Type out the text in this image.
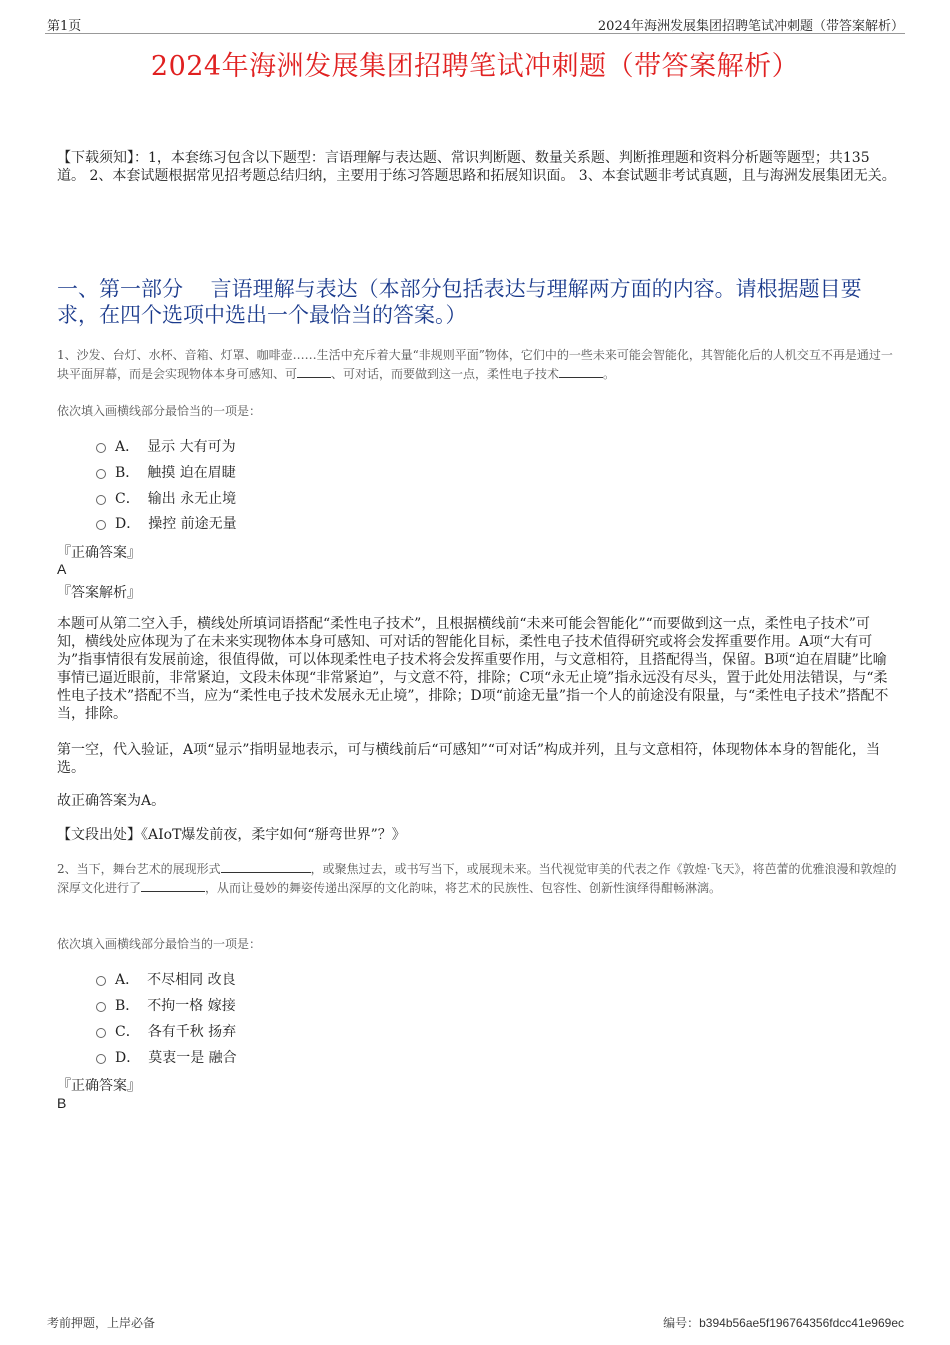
第1页	2024年海洲发展集团招聘笔试冲刺题（带答案解析）
2024年海洲发展集团招聘笔试冲刺题（带答案解析）
【下载须知】：1，本套练习包含以下题型：言语理解与表达题、常识判断题、数量关系题、判断推理题和资料分析题等题型；共135道。 2、本套试题根据常见招考题总结归纳，主要用于练习答题思路和拓展知识面。 3、本套试题非考试真题，且与海洲发展集团无关。
一、第一部分　 言语理解与表达（本部分包括表达与理解两方面的内容。请根据题目要求，在四个选项中选出一个最恰当的答案。）
1、沙发、台灯、水杯、音箱、灯罩、咖啡壶……生活中充斥着大量“非规则平面”物体，它们中的一些未来可能会智能化，其智能化后的人机交互不再是通过一块平面屏幕，而是会实现物体本身可感知、可	、可对话，而要做到这一点，柔性电子技术	。
依次填入画横线部分最恰当的一项是：
A． 显示 大有可为
B． 触摸 迫在眉睫
C． 输出 永无止境
D． 操控 前途无量
『正确答案』
A
『答案解析』
本题可从第二空入手，横线处所填词语搭配“柔性电子技术”，且根据横线前“未来可能会智能化”“而要做到这一点，柔性电子技术”可知，横线处应体现为了在未来实现物体本身可感知、可对话的智能化目标，柔性电子技术值得研究或将会发挥重要作用。A项“大有可为”指事情很有发展前途，很值得做，可以体现柔性电子技术将会发挥重要作用，与文意相符，且搭配得当，保留。B项“迫在眉睫”比喻事情已逼近眼前，非常紧迫，文段未体现“非常紧迫”，与文意不符，排除；C项“永无止境”指永远没有尽头，置于此处用法错误，与“柔性电子技术”搭配不当，应为“柔性电子技术发展永无止境”，排除；D项“前途无量”指一个人的前途没有限量，与“柔性电子技术”搭配不当，排除。
第一空，代入验证，A项“显示”指明显地表示，可与横线前后“可感知”“可对话”构成并列，且与文意相符，体现物体本身的智能化，当选。
故正确答案为A。
【文段出处】《AIoT爆发前夜，柔宇如何“掰弯世界”？》
2、当下，舞台艺术的展现形式	，或聚焦过去，或书写当下，或展现未来。当代视觉审美的代表之作《敦煌·飞天》，将芭蕾的优雅浪漫和敦煌的深厚文化进行了	，从而让曼妙的舞姿传递出深厚的文化韵味，将艺术的民族性、包容性、创新性演绎得酣畅淋漓。
依次填入画横线部分最恰当的一项是：
A． 不尽相同 改良
B． 不拘一格 嫁接
C． 各有千秋 扬弃
D． 莫衷一是 融合
『正确答案』
B
考前押题，上岸必备	编号：b394b56ae5f196764356fdcc41e969ec
